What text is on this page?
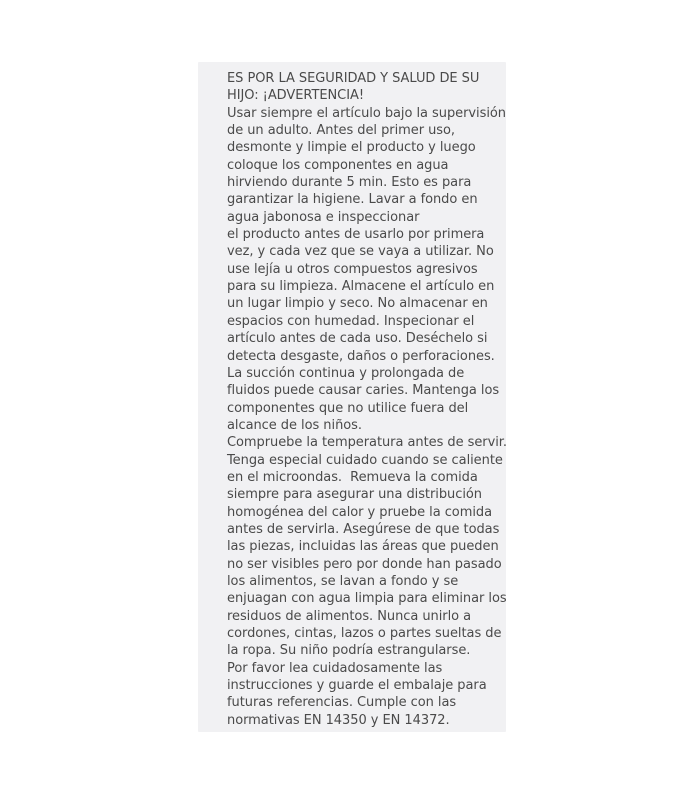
ES POR LA SEGURIDAD Y SALUD DE SU
HIJO: ¡ADVERTENCIA!
Usar siempre el artículo bajo la supervisión
de un adulto. Antes del primer uso,
desmonte y limpie el producto y luego
coloque los componentes en agua
hirviendo durante 5 min. Esto es para
garantizar la higiene. Lavar a fondo en
agua jabonosa e inspeccionar
el producto antes de usarlo por primera
vez, y cada vez que se vaya a utilizar. No
use lejía u otros compuestos agresivos
para su limpieza. Almacene el artículo en
un lugar limpio y seco. No almacenar en
espacios con humedad. Inspecionar el
artículo antes de cada uso. Deséchelo si
detecta desgaste, daños o perforaciones.
La succión continua y prolongada de
fluidos puede causar caries. Mantenga los
componentes que no utilice fuera del
alcance de los niños.
Compruebe la temperatura antes de servir.
Tenga especial cuidado cuando se caliente
en el microondas.  Remueva la comida
siempre para asegurar una distribución
homogénea del calor y pruebe la comida
antes de servirla. Asegúrese de que todas
las piezas, incluidas las áreas que pueden
no ser visibles pero por donde han pasado
los alimentos, se lavan a fondo y se
enjuagan con agua limpia para eliminar los
residuos de alimentos. Nunca unirlo a
cordones, cintas, lazos o partes sueltas de
la ropa. Su niño podría estrangularse.
Por favor lea cuidadosamente las
instrucciones y guarde el embalaje para
futuras referencias. Cumple con las
normativas EN 14350 y EN 14372.
